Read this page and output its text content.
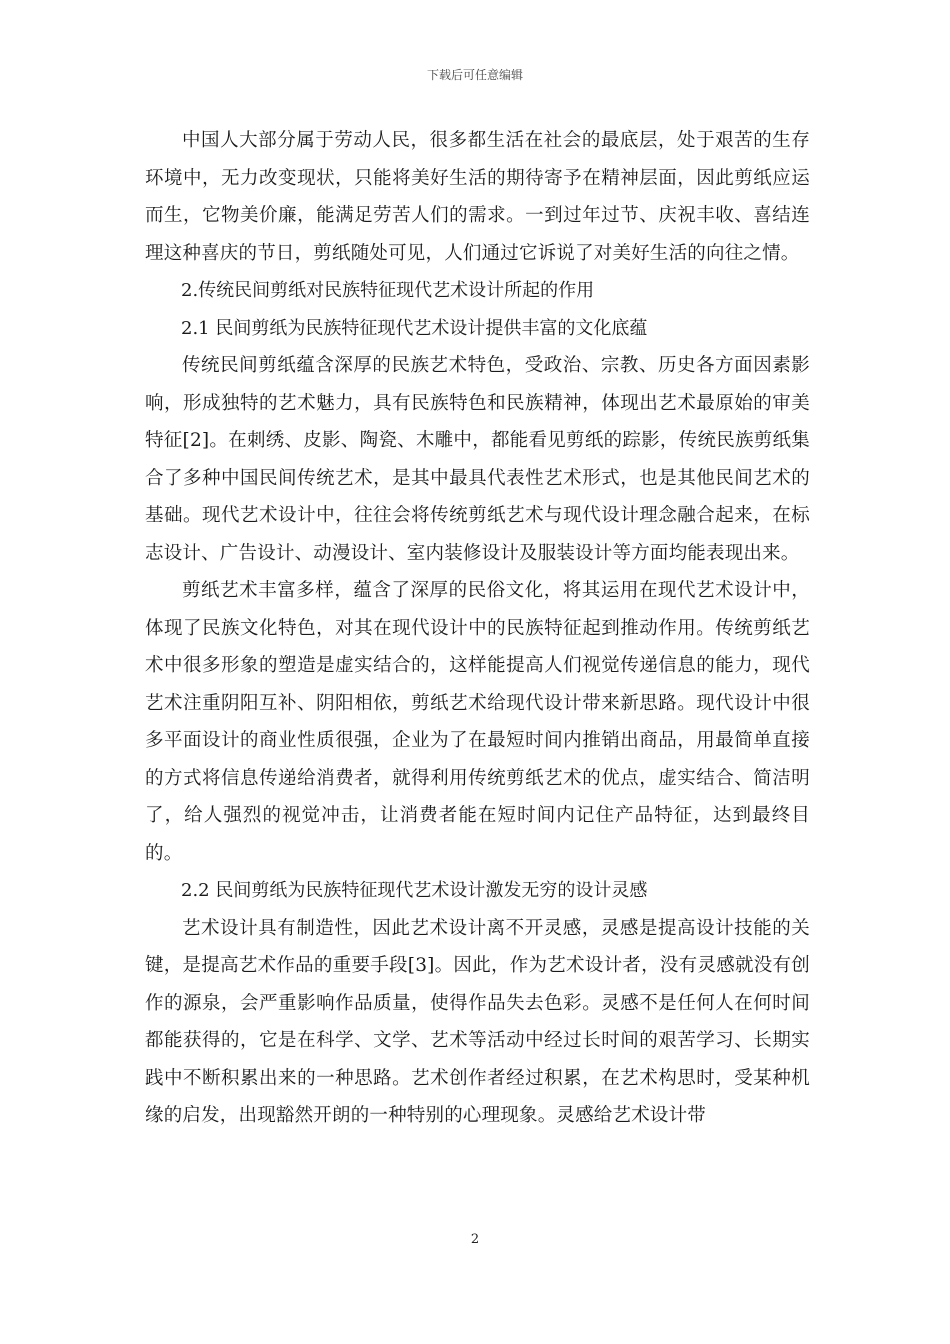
下载后可任意编辑

中国人大部分属于劳动人民，很多都生活在社会的最底层，处于艰苦的生存环境中，无力改变现状，只能将美好生活的期待寄予在精神层面，因此剪纸应运而生，它物美价廉，能满足劳苦人们的需求。一到过年过节、庆祝丰收、喜结连理这种喜庆的节日，剪纸随处可见，人们通过它诉说了对美好生活的向往之情。

2.传统民间剪纸对民族特征现代艺术设计所起的作用

2.1 民间剪纸为民族特征现代艺术设计提供丰富的文化底蕴

传统民间剪纸蕴含深厚的民族艺术特色，受政治、宗教、历史各方面因素影响，形成独特的艺术魅力，具有民族特色和民族精神，体现出艺术最原始的审美特征[2]。在刺绣、皮影、陶瓷、木雕中，都能看见剪纸的踪影，传统民族剪纸集合了多种中国民间传统艺术，是其中最具代表性艺术形式，也是其他民间艺术的基础。现代艺术设计中，往往会将传统剪纸艺术与现代设计理念融合起来，在标志设计、广告设计、动漫设计、室内装修设计及服装设计等方面均能表现出来。

剪纸艺术丰富多样，蕴含了深厚的民俗文化，将其运用在现代艺术设计中，体现了民族文化特色，对其在现代设计中的民族特征起到推动作用。传统剪纸艺术中很多形象的塑造是虚实结合的，这样能提高人们视觉传递信息的能力，现代艺术注重阴阳互补、阴阳相依，剪纸艺术给现代设计带来新思路。现代设计中很多平面设计的商业性质很强，企业为了在最短时间内推销出商品，用最简单直接的方式将信息传递给消费者，就得利用传统剪纸艺术的优点，虚实结合、简洁明了，给人强烈的视觉冲击，让消费者能在短时间内记住产品特征，达到最终目的。

2.2 民间剪纸为民族特征现代艺术设计激发无穷的设计灵感

艺术设计具有制造性，因此艺术设计离不开灵感，灵感是提高设计技能的关键，是提高艺术作品的重要手段[3]。因此，作为艺术设计者，没有灵感就没有创作的源泉，会严重影响作品质量，使得作品失去色彩。灵感不是任何人在何时间都能获得的，它是在科学、文学、艺术等活动中经过长时间的艰苦学习、长期实践中不断积累出来的一种思路。艺术创作者经过积累，在艺术构思时，受某种机缘的启发，出现豁然开朗的一种特别的心理现象。灵感给艺术设计带

2
